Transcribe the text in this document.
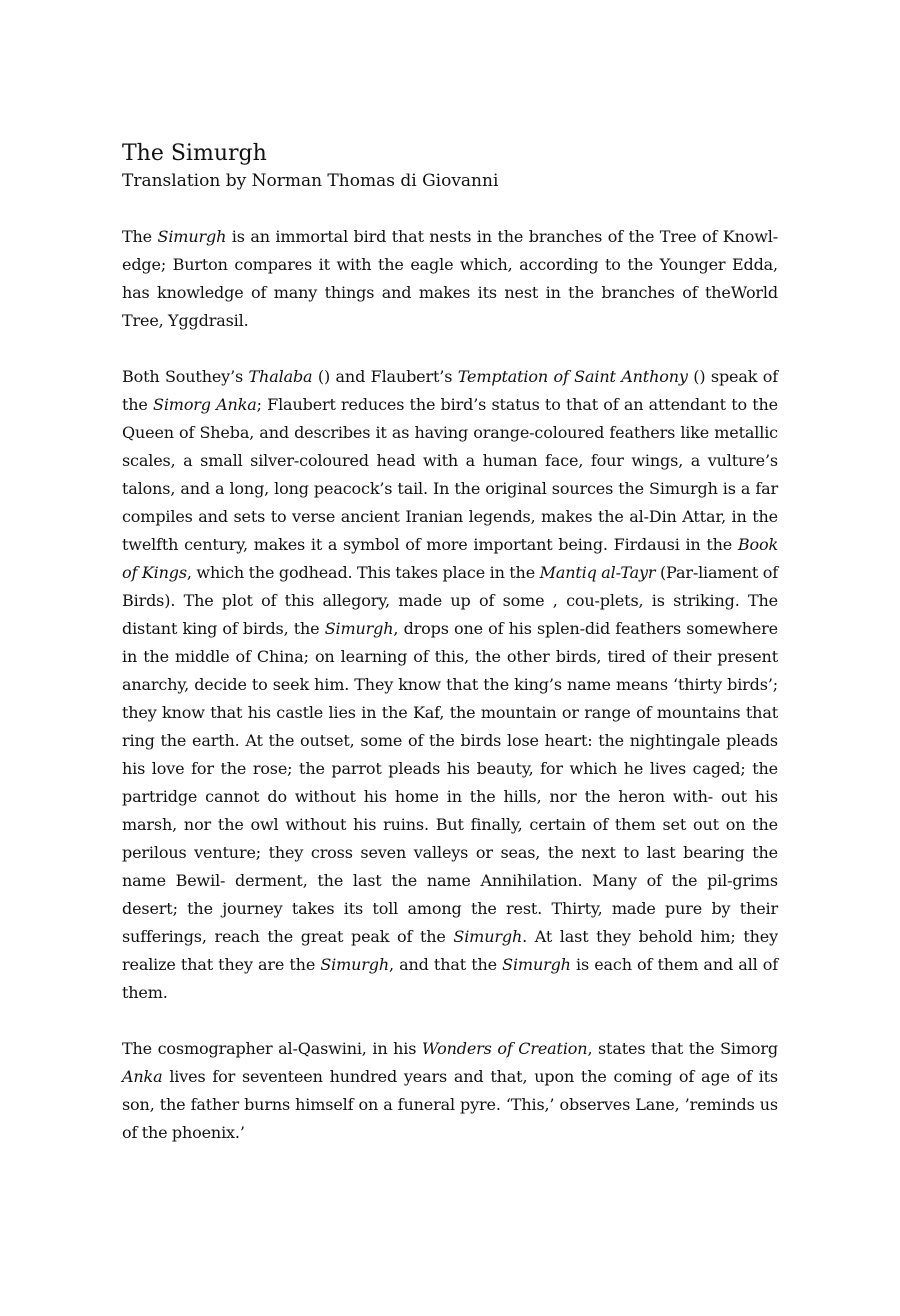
The Simurgh
Translation by Norman Thomas di Giovanni

The Simurgh is an immortal bird that nests in the branches of the Tree of Knowl-edge; Burton compares it with the eagle which, according to the Younger Edda, has knowledge of many things and makes its nest in the branches of theWorld Tree, Yggdrasil.

Both Southey’s Thalaba () and Flaubert’s Temptation of Saint Anthony () speak of the Simorg Anka; Flaubert reduces the bird’s status to that of an attendant to the Queen of Sheba, and describes it as having orange-coloured feathers like metallic scales, a small silver-coloured head with a human face, four wings, a vulture’s talons, and a long, long peacock’s tail. In the original sources the Simurgh is a far compiles and sets to verse ancient Iranian legends, makes the al-Din Attar, in the twelfth century, makes it a symbol of more important being. Firdausi in the Book of Kings, which the godhead. This takes place in the Mantiq al-Tayr (Par-liament of Birds). The plot of this allegory, made up of some , cou-plets, is striking. The distant king of birds, the Simurgh, drops one of his splen-did feathers somewhere in the middle of China; on learning of this, the other birds, tired of their present anarchy, decide to seek him. They know that the king’s name means ‘thirty birds’; they know that his castle lies in the Kaf, the mountain or range of mountains that ring the earth. At the outset, some of the birds lose heart: the nightingale pleads his love for the rose; the parrot pleads his beauty, for which he lives caged; the partridge cannot do without his home in the hills, nor the heron with- out his marsh, nor the owl without his ruins. But finally, certain of them set out on the perilous venture; they cross seven valleys or seas, the next to last bearing the name Bewil- derment, the last the name Annihilation. Many of the pil-grims desert; the journey takes its toll among the rest. Thirty, made pure by their sufferings, reach the great peak of the Simurgh. At last they behold him; they realize that they are the Simurgh, and that the Simurgh is each of them and all of them.

The cosmographer al-Qaswini, in his Wonders of Creation, states that the Simorg Anka lives for seventeen hundred years and that, upon the coming of age of its son, the father burns himself on a funeral pyre. ‘This,’ observes Lane, ’reminds us of the phoenix.’
